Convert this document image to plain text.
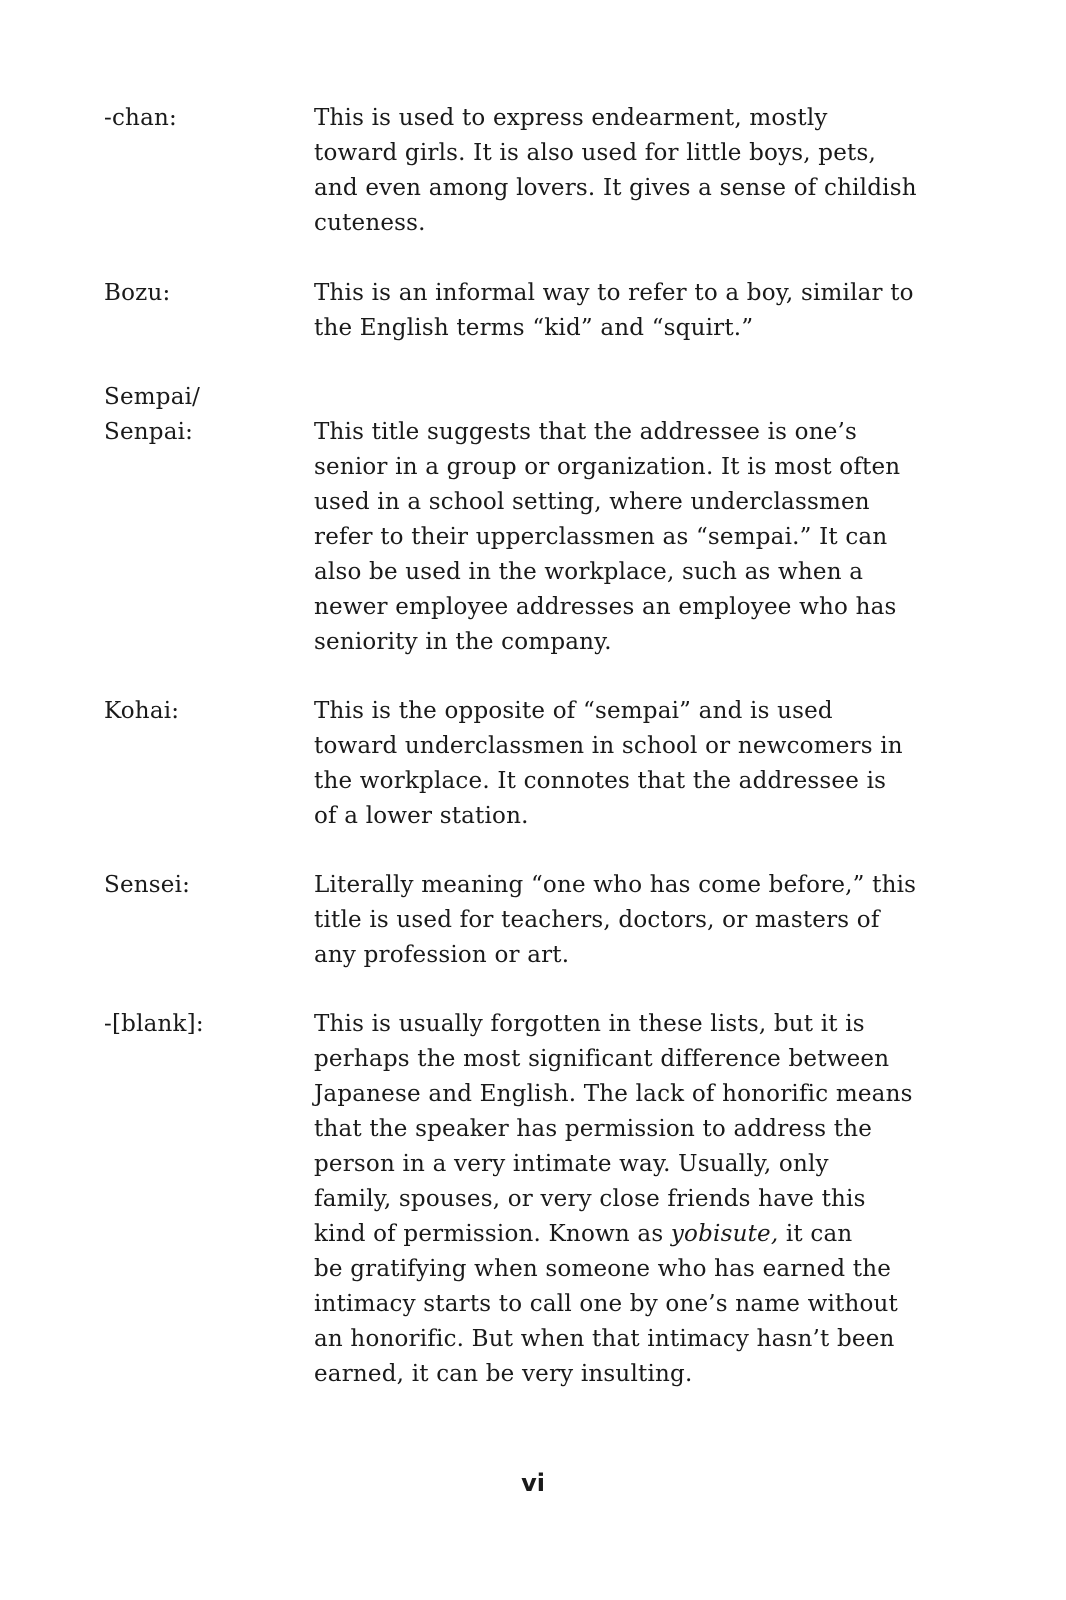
-chan:	This is used to express endearment, mostly
toward girls. It is also used for little boys, pets,
and even among lovers. It gives a sense of childish
cuteness.
Bozu:	This is an informal way to refer to a boy, similar to
the English terms “kid” and “squirt.”
Sempai/
Senpai:	This title suggests that the addressee is one’s
senior in a group or organization. It is most often
used in a school setting, where underclassmen
refer to their upperclassmen as “sempai.” It can
also be used in the workplace, such as when a
newer employee addresses an employee who has
seniority in the company.
Kohai:	This is the opposite of “sempai” and is used
toward underclassmen in school or newcomers in
the workplace. It connotes that the addressee is
of a lower station.
Sensei:	Literally meaning “one who has come before,” this
title is used for teachers, doctors, or masters of
any profession or art.
-[blank]:	This is usually forgotten in these lists, but it is
perhaps the most significant difference between
Japanese and English. The lack of honorific means
that the speaker has permission to address the
person in a very intimate way. Usually, only
family, spouses, or very close friends have this
kind of permission. Known as yobisute, it can
be gratifying when someone who has earned the
intimacy starts to call one by one’s name without
an honorific. But when that intimacy hasn’t been
earned, it can be very insulting.
vi
